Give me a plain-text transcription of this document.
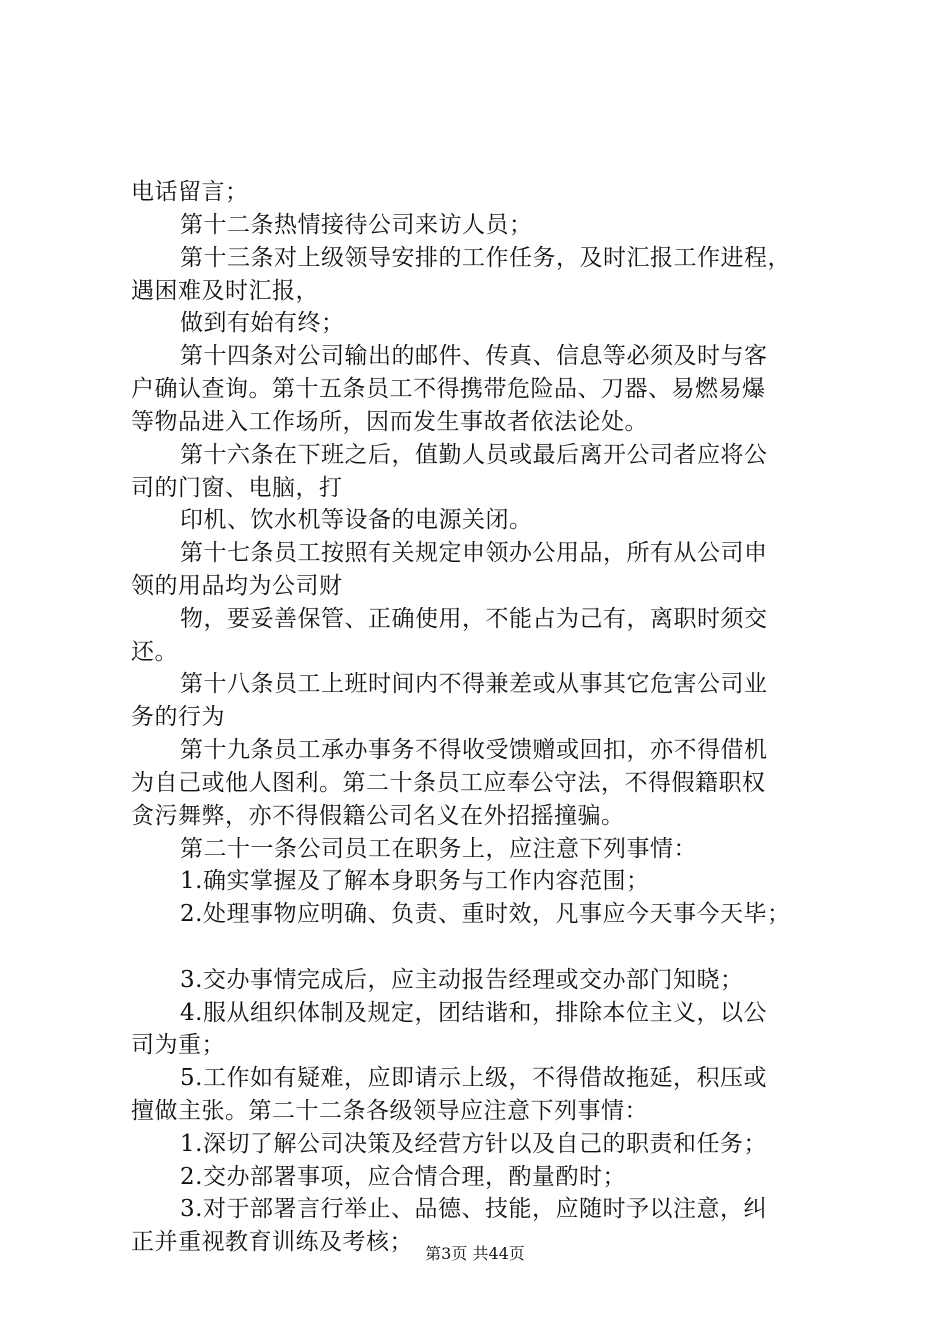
电话留言；
第十二条热情接待公司来访人员；
第十三条对上级领导安排的工作任务，及时汇报工作进程，
遇困难及时汇报，
做到有始有终；
第十四条对公司输出的邮件、传真、信息等必须及时与客
户确认查询。第十五条员工不得携带危险品、刀器、易燃易爆
等物品进入工作场所，因而发生事故者依法论处。
第十六条在下班之后，值勤人员或最后离开公司者应将公
司的门窗、电脑，打
印机、饮水机等设备的电源关闭。
第十七条员工按照有关规定申领办公用品，所有从公司申
领的用品均为公司财
物，要妥善保管、正确使用，不能占为己有，离职时须交
还。
第十八条员工上班时间内不得兼差或从事其它危害公司业
务的行为
第十九条员工承办事务不得收受馈赠或回扣，亦不得借机
为自己或他人图利。第二十条员工应奉公守法，不得假籍职权
贪污舞弊，亦不得假籍公司名义在外招摇撞骗。
第二十一条公司员工在职务上，应注意下列事情：
1.确实掌握及了解本身职务与工作内容范围；
2.处理事物应明确、负责、重时效，凡事应今天事今天毕；
3.交办事情完成后，应主动报告经理或交办部门知晓；
4.服从组织体制及规定，团结谐和，排除本位主义，以公
司为重；
5.工作如有疑难，应即请示上级，不得借故拖延，积压或
擅做主张。第二十二条各级领导应注意下列事情：
1.深切了解公司决策及经营方针以及自己的职责和任务；
2.交办部署事项，应合情合理，酌量酌时；
3.对于部署言行举止、品德、技能，应随时予以注意，纠
正并重视教育训练及考核； 第3页 共44页
